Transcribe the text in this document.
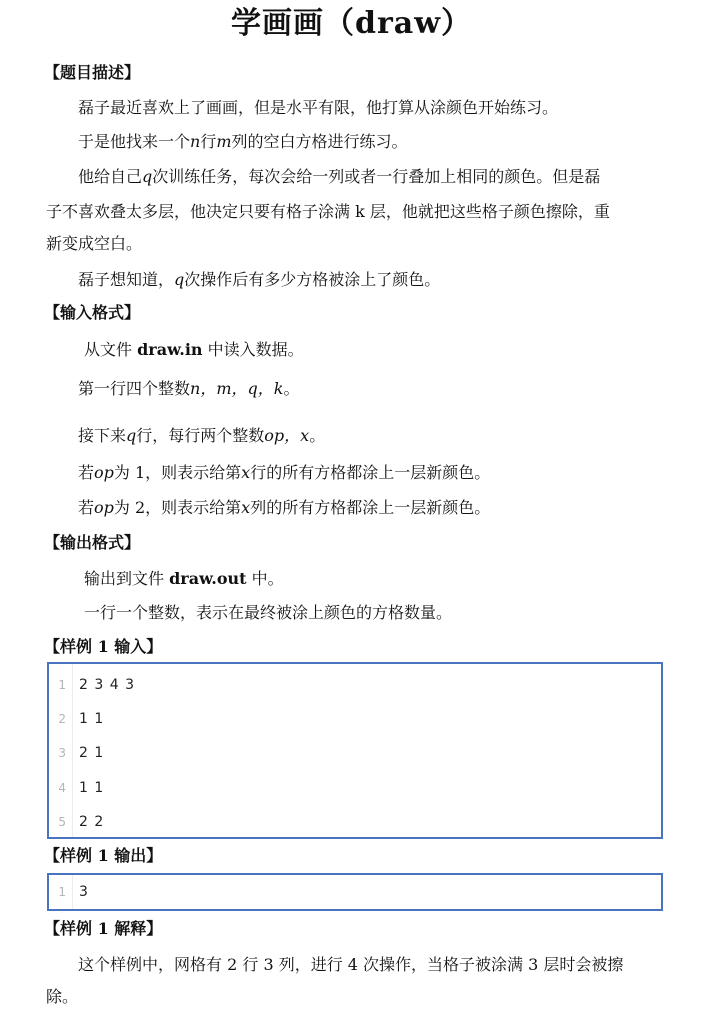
学画画（draw）
【题目描述】
磊子最近喜欢上了画画，但是水平有限，他打算从涂颜色开始练习。
于是他找来一个n行m列的空白方格进行练习。
他给自己q次训练任务，每次会给一列或者一行叠加上相同的颜色。但是磊
子不喜欢叠太多层，他决定只要有格子涂满 k 层，他就把这些格子颜色擦除，重
新变成空白。
磊子想知道，q次操作后有多少方格被涂上了颜色。
【输入格式】
从文件 draw.in 中读入数据。
第一行四个整数n，m，q，k。
接下来q行，每行两个整数op，x。
若op为 1，则表示给第x行的所有方格都涂上一层新颜色。
若op为 2，则表示给第x列的所有方格都涂上一层新颜色。
【输出格式】
输出到文件 draw.out 中。
一行一个整数，表示在最终被涂上颜色的方格数量。
【样例 1 输入】
1 2 3 4 3
2 1 1
3 2 1
4 1 1
5 2 2
【样例 1 输出】
1 3
【样例 1 解释】
这个样例中，网格有 2 行 3 列，进行 4 次操作，当格子被涂满 3 层时会被擦
除。
